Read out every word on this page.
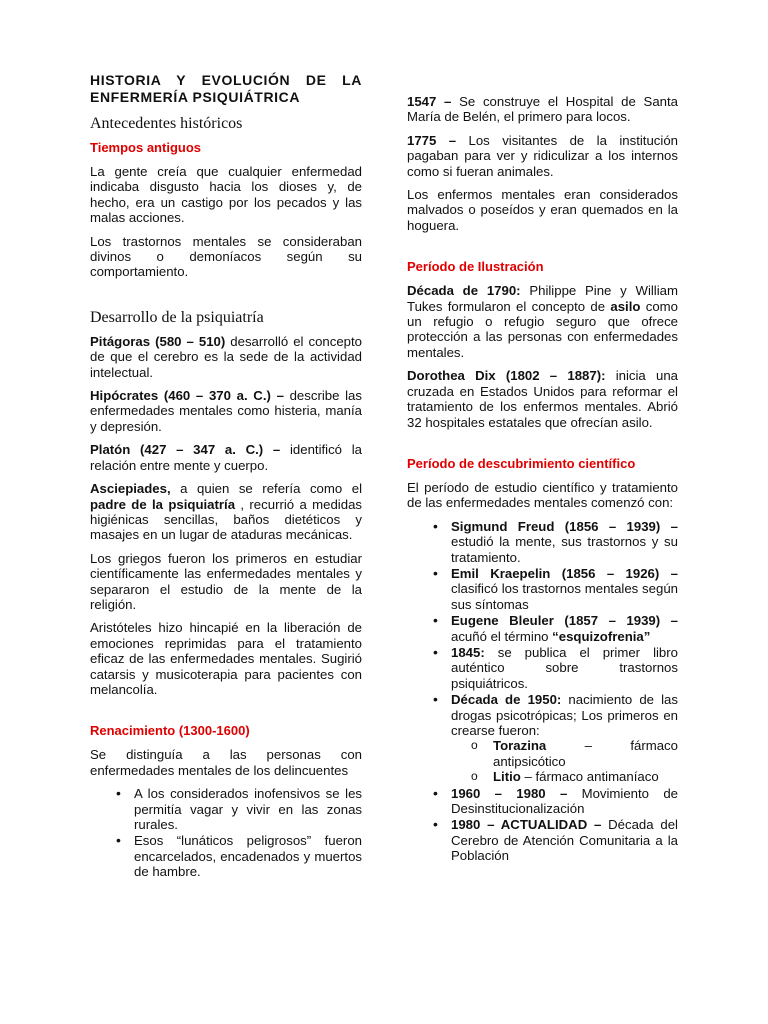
HISTORIA Y EVOLUCIÓN DE LA ENFERMERÍA PSIQUIÁTRICA
Antecedentes históricos
Tiempos antiguos

La gente creía que cualquier enfermedad indicaba disgusto hacia los dioses y, de hecho, era un castigo por los pecados y las malas acciones.

Los trastornos mentales se consideraban divinos o demoníacos según su comportamiento.

Desarrollo de la psiquiatría

Pitágoras (580 – 510) desarrolló el concepto de que el cerebro es la sede de la actividad intelectual.

Hipócrates (460 – 370 a. C.) – describe las enfermedades mentales como histeria, manía y depresión.

Platón (427 – 347 a. C.) – identificó la relación entre mente y cuerpo.

Asciepiades, a quien se refería como el padre de la psiquiatría , recurrió a medidas higiénicas sencillas, baños dietéticos y masajes en un lugar de ataduras mecánicas.

Los griegos fueron los primeros en estudiar científicamente las enfermedades mentales y separaron el estudio de la mente de la religión.

Aristóteles hizo hincapié en la liberación de emociones reprimidas para el tratamiento eficaz de las enfermedades mentales. Sugirió catarsis y musicoterapia para pacientes con melancolía.

Renacimiento (1300-1600)

Se distinguía a las personas con enfermedades mentales de los delincuentes

• A los considerados inofensivos se les permitía vagar y vivir en las zonas rurales.
• Esos “lunáticos peligrosos” fueron encarcelados, encadenados y muertos de hambre.

1547 – Se construye el Hospital de Santa María de Belén, el primero para locos.

1775 – Los visitantes de la institución pagaban para ver y ridiculizar a los internos como si fueran animales.

Los enfermos mentales eran considerados malvados o poseídos y eran quemados en la hoguera.

Período de Ilustración

Década de 1790: Philippe Pine y William Tukes formularon el concepto de asilo como un refugio o refugio seguro que ofrece protección a las personas con enfermedades mentales.

Dorothea Dix (1802 – 1887): inicia una cruzada en Estados Unidos para reformar el tratamiento de los enfermos mentales. Abrió 32 hospitales estatales que ofrecían asilo.

Período de descubrimiento científico

El período de estudio científico y tratamiento de las enfermedades mentales comenzó con:

• Sigmund Freud (1856 – 1939) – estudió la mente, sus trastornos y su tratamiento.
• Emil Kraepelin (1856 – 1926) – clasificó los trastornos mentales según sus síntomas
• Eugene Bleuler (1857 – 1939) – acuñó el término “esquizofrenia”
• 1845: se publica el primer libro auténtico sobre trastornos psiquiátricos.
• Década de 1950: nacimiento de las drogas psicotrópicas; Los primeros en crearse fueron:
o Torazina – fármaco antipsicótico
o Litio – fármaco antimaníaco
• 1960 – 1980 – Movimiento de Desinstitucionalización
• 1980 – ACTUALIDAD – Década del Cerebro de Atención Comunitaria a la Población
